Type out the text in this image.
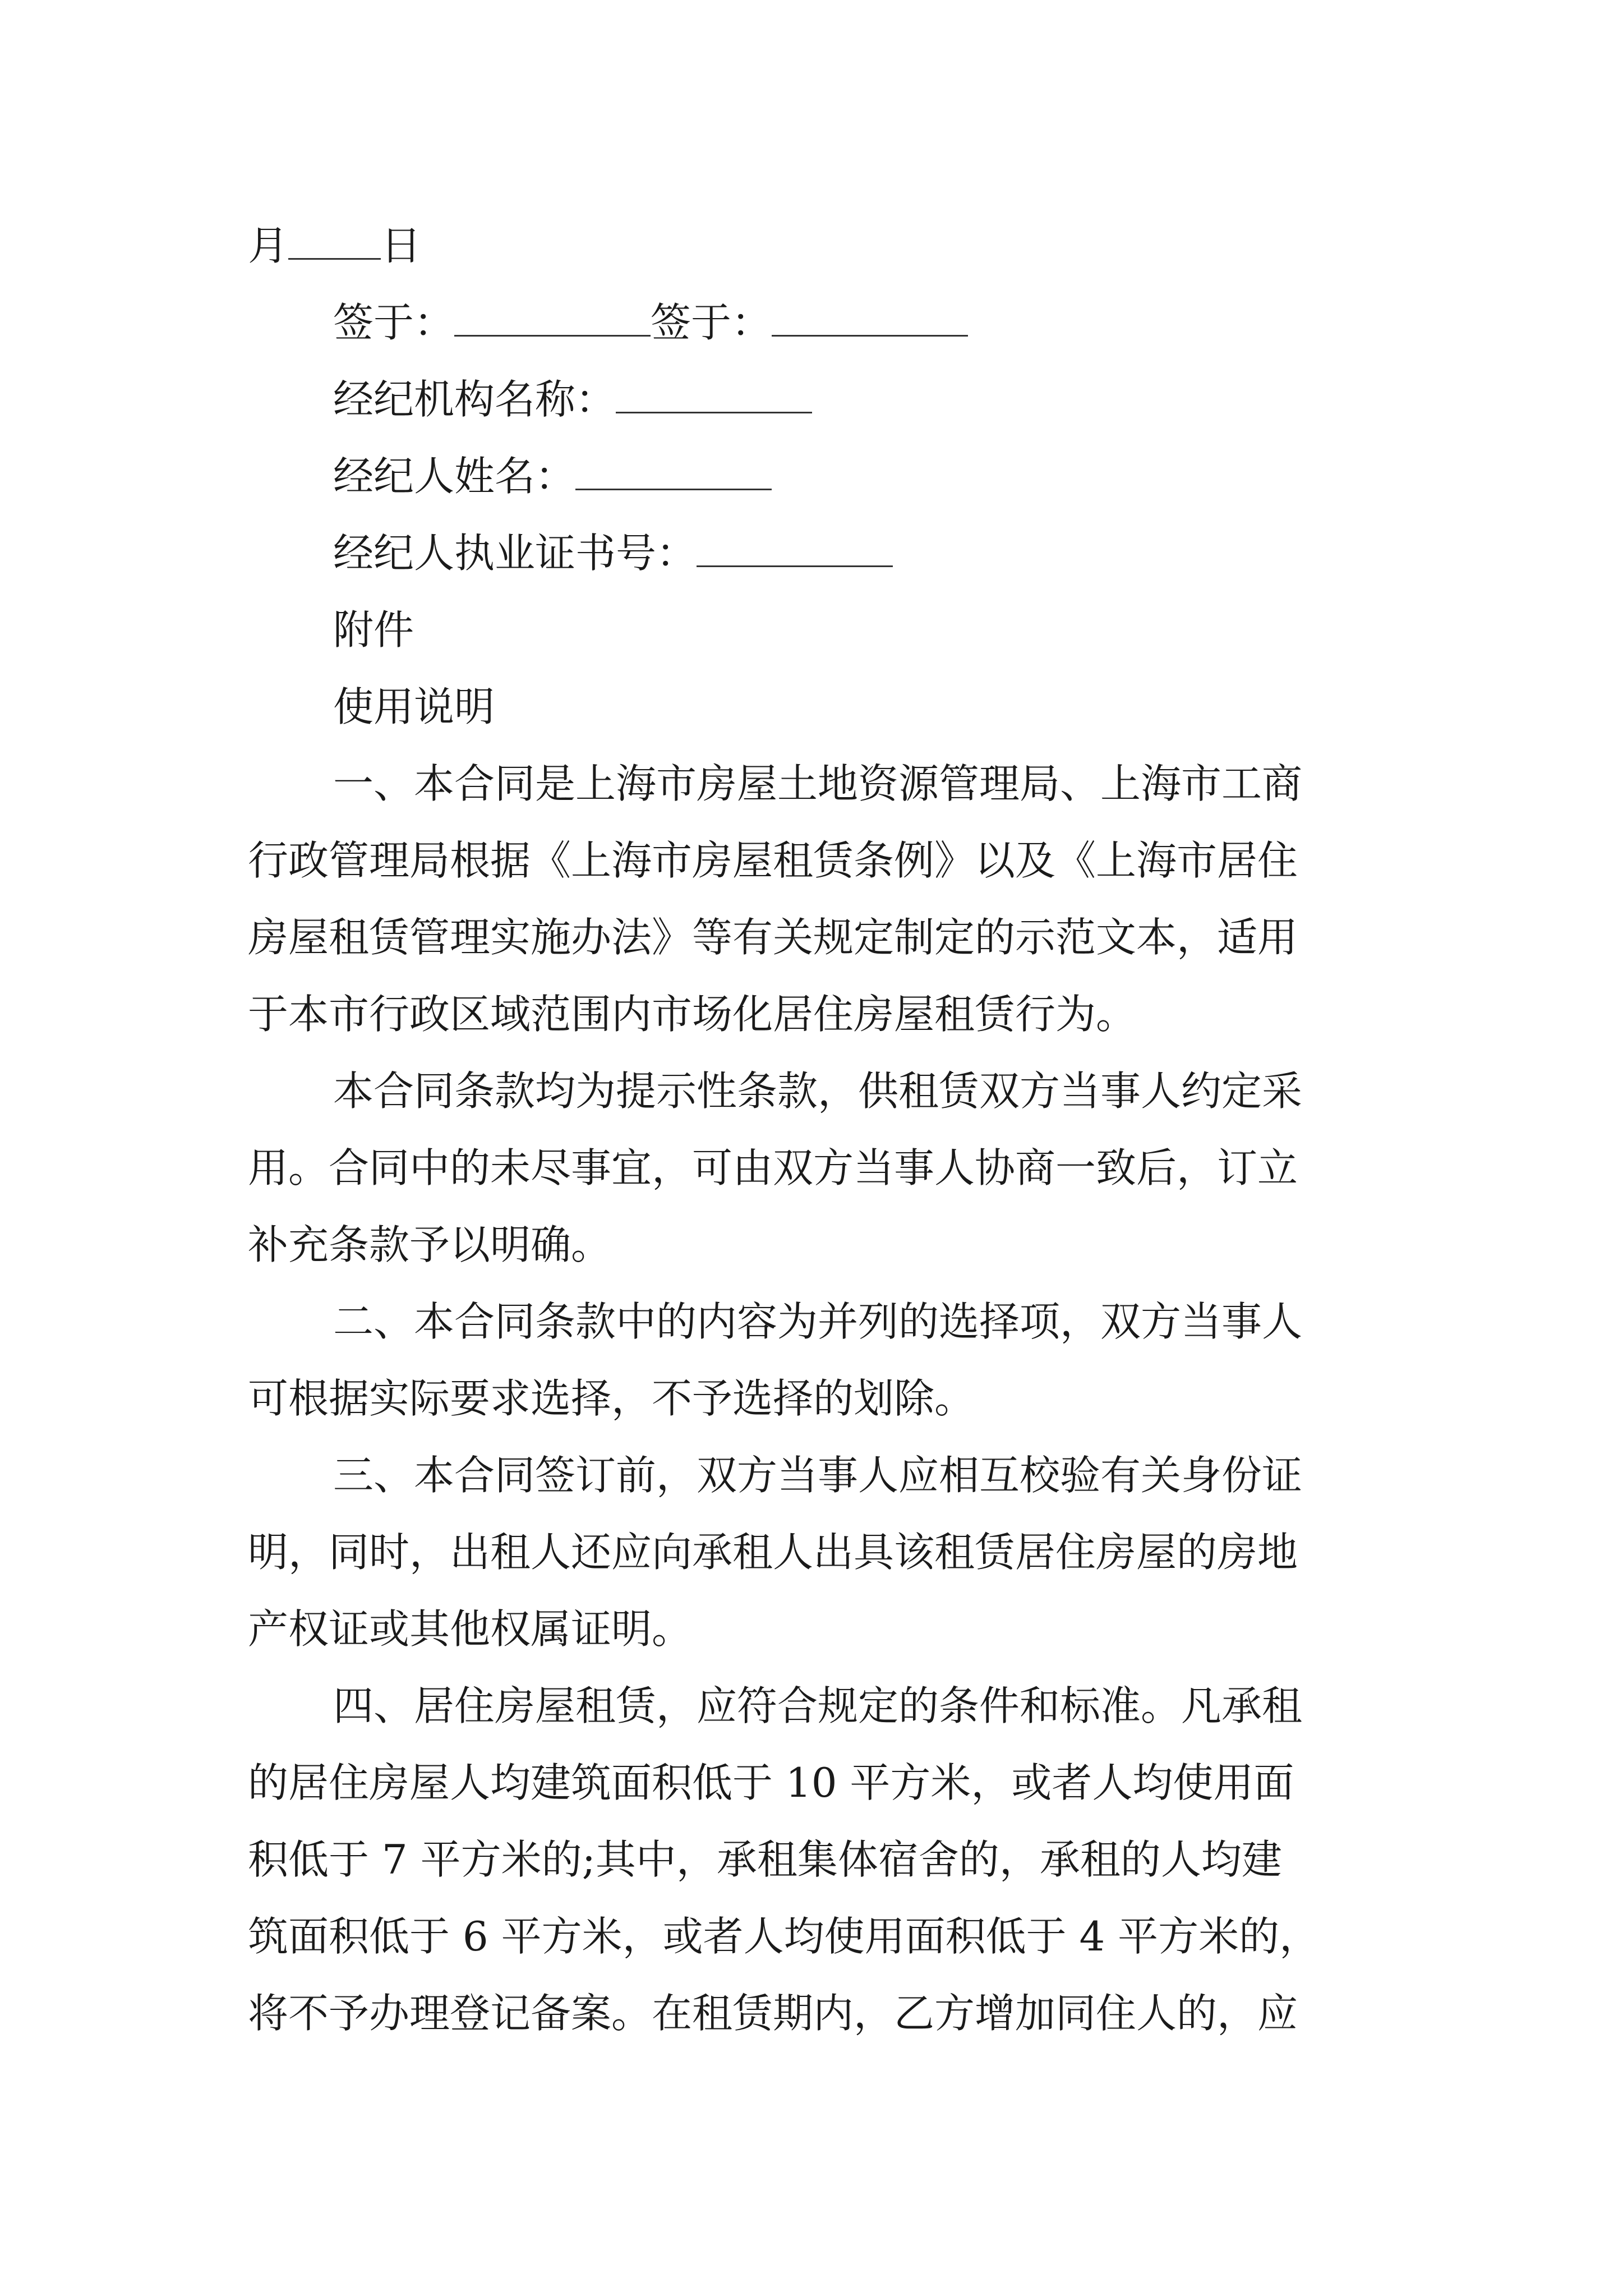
月 日
签于：	签于：
经纪机构名称：
经纪人姓名：
经纪人执业证书号：
附件
使用说明
一、本合同是上海市房屋土地资源管理局、上海市工商
行政管理局根据《上海市房屋租赁条例》以及《上海市居住
房屋租赁管理实施办法》等有关规定制定的示范文本，适用
于本市行政区域范围内市场化居住房屋租赁行为。
本合同条款均为提示性条款，供租赁双方当事人约定采
用。合同中的未尽事宜，可由双方当事人协商一致后，订立
补充条款予以明确。
二、本合同条款中的内容为并列的选择项，双方当事人
可根据实际要求选择，不予选择的划除。
三、本合同签订前，双方当事人应相互校验有关身份证
明，同时，出租人还应向承租人出具该租赁居住房屋的房地
产权证或其他权属证明。
四、居住房屋租赁，应符合规定的条件和标准。凡承租
的居住房屋人均建筑面积低于 10 平方米，或者人均使用面
积低于 7 平方米的;其中，承租集体宿舍的，承租的人均建
筑面积低于 6 平方米，或者人均使用面积低于 4 平方米的，
将不予办理登记备案。在租赁期内，乙方增加同住人的，应
